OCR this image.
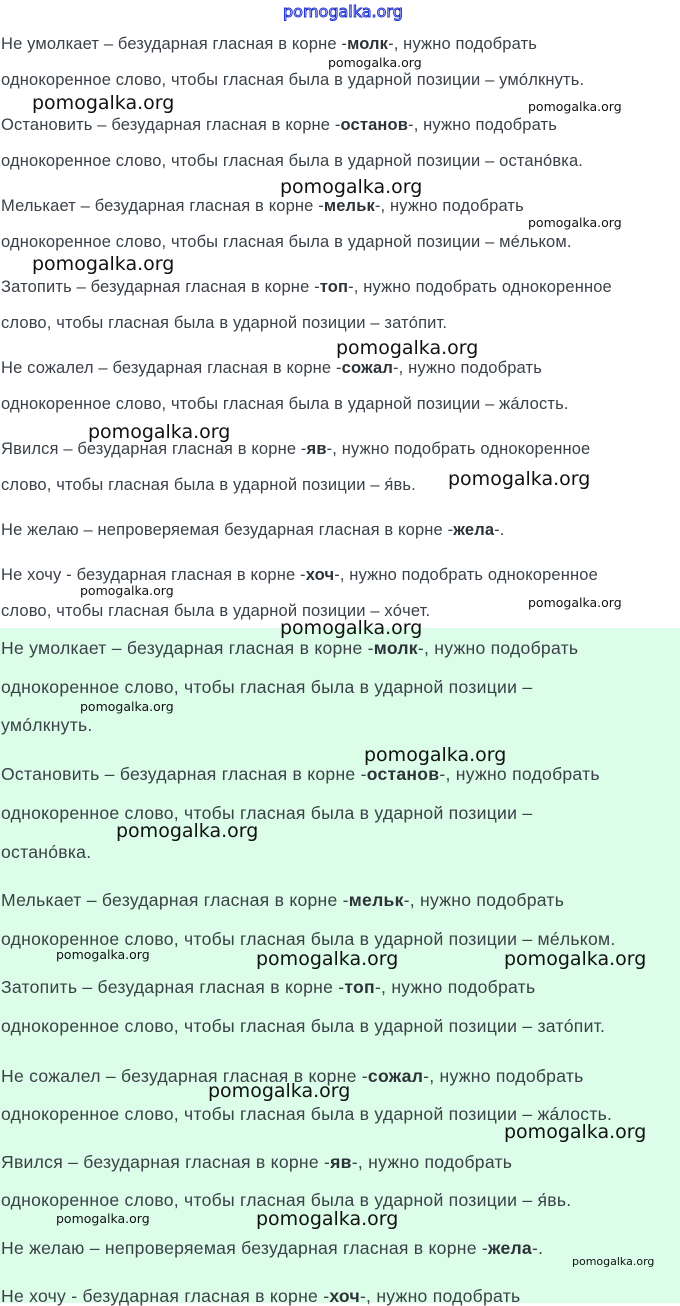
Не умолкает – безударная гласная в корне -молк-, нужно подобрать
однокоренное слово, чтобы гласная была в ударной позиции – умóлкнуть.
Остановить – безударная гласная в корне -останов-, нужно подобрать
однокоренное слово, чтобы гласная была в ударной позиции – останóвка.
Мелькает – безударная гласная в корне -мельк-, нужно подобрать
однокоренное слово, чтобы гласная была в ударной позиции – мéльком.
Затопить – безударная гласная в корне -топ-, нужно подобрать однокоренное
слово, чтобы гласная была в ударной позиции – затóпит.
Не сожалел – безударная гласная в корне -сожал-, нужно подобрать
однокоренное слово, чтобы гласная была в ударной позиции – жáлость.
Явился – безударная гласная в корне -яв-, нужно подобрать однокоренное
слово, чтобы гласная была в ударной позиции – я́вь.
Не желаю – непроверяемая безударная гласная в корне -жела-.
Не хочу - безударная гласная в корне -хоч-, нужно подобрать однокоренное
слово, чтобы гласная была в ударной позиции – хóчет.
Не умолкает – безударная гласная в корне -молк-, нужно подобрать
однокоренное слово, чтобы гласная была в ударной позиции –
умóлкнуть.
Остановить – безударная гласная в корне -останов-, нужно подобрать
однокоренное слово, чтобы гласная была в ударной позиции –
останóвка.
Мелькает – безударная гласная в корне -мельк-, нужно подобрать
однокоренное слово, чтобы гласная была в ударной позиции – мéльком.
Затопить – безударная гласная в корне -топ-, нужно подобрать
однокоренное слово, чтобы гласная была в ударной позиции – затóпит.
Не сожалел – безударная гласная в корне -сожал-, нужно подобрать
однокоренное слово, чтобы гласная была в ударной позиции – жáлость.
Явился – безударная гласная в корне -яв-, нужно подобрать
однокоренное слово, чтобы гласная была в ударной позиции – я́вь.
Не желаю – непроверяемая безударная гласная в корне -жела-.
Не хочу - безударная гласная в корне -хоч-, нужно подобрать
pomogalka.org
pomogalka.org
pomogalka.org	pomogalka.org
pomogalka.org
pomogalka.org
pomogalka.org
pomogalka.org
pomogalka.org
pomogalka.org
pomogalka.org
pomogalka.org
pomogalka.org
pomogalka.org
pomogalka.org
pomogalka.org
pomogalka.org	pomogalka.org	pomogalka.org
pomogalka.org
pomogalka.org
pomogalka.org	pomogalka.org
pomogalka.org
